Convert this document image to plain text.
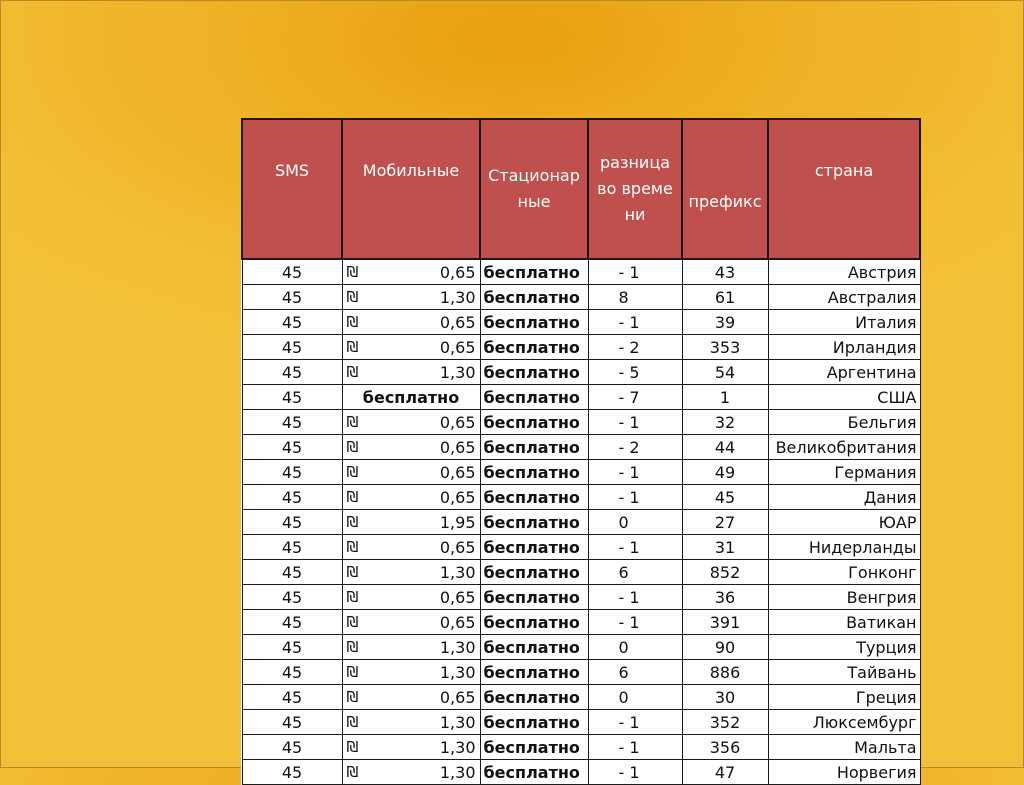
SMS	Мобильные	Стационар ные	разница во времени	префикс	страна
45	₪ 0,65	бесплатно	- 1	43	Австрия
45	₪ 1,30	бесплатно	8	61	Австралия
45	₪ 0,65	бесплатно	- 1	39	Италия
45	₪ 0,65	бесплатно	- 2	353	Ирландия
45	₪ 1,30	бесплатно	- 5	54	Аргентина
45	бесплатно	бесплатно	- 7	1	США
45	₪ 0,65	бесплатно	- 1	32	Бельгия
45	₪ 0,65	бесплатно	- 2	44	Великобритания
45	₪ 0,65	бесплатно	- 1	49	Германия
45	₪ 0,65	бесплатно	- 1	45	Дания
45	₪ 1,95	бесплатно	0	27	ЮАР
45	₪ 0,65	бесплатно	- 1	31	Нидерланды
45	₪ 1,30	бесплатно	6	852	Гонконг
45	₪ 0,65	бесплатно	- 1	36	Венгрия
45	₪ 0,65	бесплатно	- 1	391	Ватикан
45	₪ 1,30	бесплатно	0	90	Турция
45	₪ 1,30	бесплатно	6	886	Тайвань
45	₪ 0,65	бесплатно	0	30	Греция
45	₪ 1,30	бесплатно	- 1	352	Люксембург
45	₪ 1,30	бесплатно	- 1	356	Мальта
45	₪ 1,30	бесплатно	- 1	47	Норвегия
